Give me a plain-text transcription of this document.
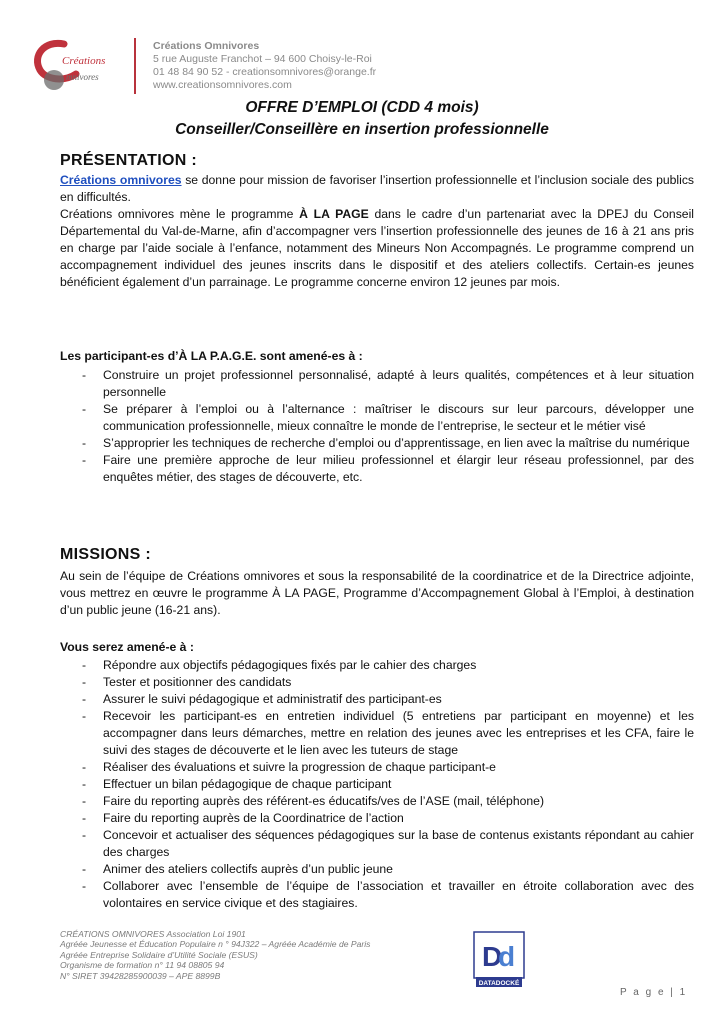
Créations
mnivores
Créations Omnivores
5 rue Auguste Franchot – 94 600 Choisy-le-Roi
01 48 84 90 52 - creationsomnivores@orange.fr
www.creationsomnivores.com
OFFRE D’EMPLOI (CDD 4 mois)
Conseiller/Conseillère en insertion professionnelle
PRÉSENTATION :

Créations omnivores se donne pour mission de favoriser l’insertion professionnelle et l’inclusion sociale des publics en difficultés.

Créations omnivores mène le programme À LA PAGE dans le cadre d’un partenariat avec la DPEJ du Conseil Départemental du Val-de-Marne, afin d’accompagner vers l’insertion professionnelle des jeunes de 16 à 21 ans pris en charge par l’aide sociale à l’enfance, notamment des Mineurs Non Accompagnés. Le programme comprend un accompagnement individuel des jeunes inscrits dans le dispositif et des ateliers collectifs. Certain-es jeunes bénéficient également d’un parrainage. Le programme concerne environ 12 jeunes par mois.

Les participant-es d’À LA P.A.G.E. sont amené-es à :
- Construire un projet professionnel personnalisé, adapté à leurs qualités, compétences et à leur situation personnelle
- Se préparer à l’emploi ou à l’alternance : maîtriser le discours sur leur parcours, développer une communication professionnelle, mieux connaître le monde de l’entreprise, le secteur et le métier visé
- S’approprier les techniques de recherche d’emploi ou d’apprentissage, en lien avec la maîtrise du numérique
- Faire une première approche de leur milieu professionnel et élargir leur réseau professionnel, par des enquêtes métier, des stages de découverte, etc.
MISSIONS :

Au sein de l’équipe de Créations omnivores et sous la responsabilité de la coordinatrice et de la Directrice adjointe, vous mettrez en œuvre le programme À LA PAGE, Programme d’Accompagnement Global à l’Emploi, à destination d’un public jeune (16-21 ans).

Vous serez amené-e à :
- Répondre aux objectifs pédagogiques fixés par le cahier des charges
- Tester et positionner des candidats
- Assurer le suivi pédagogique et administratif des participant-es
- Recevoir les participant-es en entretien individuel (5 entretiens par participant en moyenne) et les accompagner dans leurs démarches, mettre en relation des jeunes avec les entreprises et les CFA, faire le suivi des stages de découverte et le lien avec les tuteurs de stage
- Réaliser des évaluations et suivre la progression de chaque participant-e
- Effectuer un bilan pédagogique de chaque participant
- Faire du reporting auprès des référent-es éducatifs/ves de l’ASE (mail, téléphone)
- Faire du reporting auprès de la Coordinatrice de l’action
- Concevoir et actualiser des séquences pédagogiques sur la base de contenus existants répondant au cahier des charges
- Animer des ateliers collectifs auprès d’un public jeune
- Collaborer avec l’ensemble de l’équipe de l’association et travailler en étroite collaboration avec des volontaires en service civique et des stagiaires.
CRÉATIONS OMNIVORES Association Loi 1901
Agréée Jeunesse et Éducation Populaire n ° 94J322 – Agréée Académie de Paris
Agréée Entreprise Solidaire d’Utilité Sociale (ESUS)
Organisme de formation n° 11 94 08805 94
N° SIRET 39428285900039 – APE 8899B
D
d
DATADOCKÉ
P a g e | 1
